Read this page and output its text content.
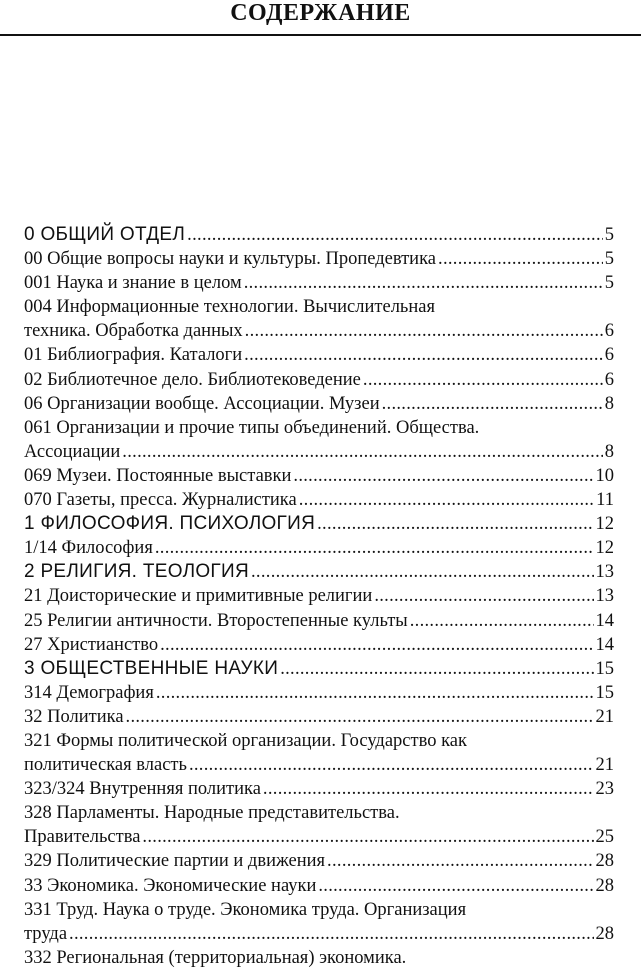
СОДЕРЖАНИЕ
0 ОБЩИЙ ОТДЕЛ .....	5
00 Общие вопросы науки и культуры. Пропедевтика .....	5
001 Наука и знание в целом .....	5
004 Информационные технологии. Вычислительная
техника. Обработка данных .....	6
01 Библиография. Каталоги .....	6
02 Библиотечное дело. Библиотековедение .....	6
06 Организации вообще. Ассоциации. Музеи .....	8
061 Организации и прочие типы объединений. Общества.
Ассоциации .....	8
069 Музеи. Постоянные выставки .....	10
070 Газеты, пресса. Журналистика .....	11
1 ФИЛОСОФИЯ. ПСИХОЛОГИЯ .....	12
1/14 Философия .....	12
2 РЕЛИГИЯ. ТЕОЛОГИЯ .....	13
21 Доисторические и примитивные религии .....	13
25 Религии античности. Второстепенные культы .....	14
27 Христианство .....	14
3 ОБЩЕСТВЕННЫЕ НАУКИ .....	15
314 Демография .....	15
32 Политика .....	21
321 Формы политической организации. Государство как
политическая власть .....	21
323/324 Внутренняя политика .....	23
328 Парламенты. Народные представительства.
Правительства .....	25
329 Политические партии и движения .....	28
33 Экономика. Экономические науки .....	28
331 Труд. Наука о труде. Экономика труда. Организация
труда .....	28
332 Региональная (территориальная) экономика.
